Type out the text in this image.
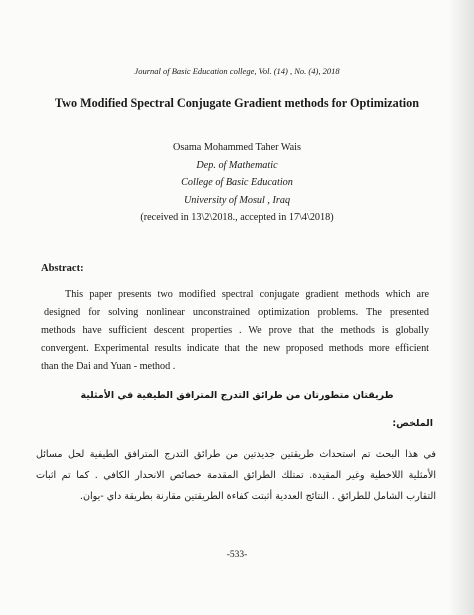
Journal of Basic Education college, Vol. (14) , No. (4), 2018
Two Modified Spectral Conjugate Gradient methods for Optimization
Osama Mohammed Taher Wais
Dep. of Mathematic
College of Basic Education
University of Mosul , Iraq
(received in 13\2\2018., accepted in 17\4\2018)
Abstract:
This paper presents two modified spectral conjugate gradient methods which are
designed for solving nonlinear unconstrained optimization problems. The presented
methods have sufficient descent properties . We prove that the methods is globally
convergent. Experimental results indicate that the new proposed methods more efficient
than the Dai and Yuan - method .
طريقتان متطورتان من طرائق التدرج المترافق الطيفية في الأمثلية
الملخص:
في هذا البحث تم استحداث طريقتين جديدتين من طرائق التدرج المترافق الطيفية لحل مسائل
الأمثلية اللاخطية وغير المقيدة. تمتلك الطرائق المقدمة خصائص الانحدار الكافي . كما تم اثبات
التقارب الشامل للطرائق . النتائج العددية أثبتت كفاءة الطريقتين مقارنة بطريقة داي -يوان.
-533-
